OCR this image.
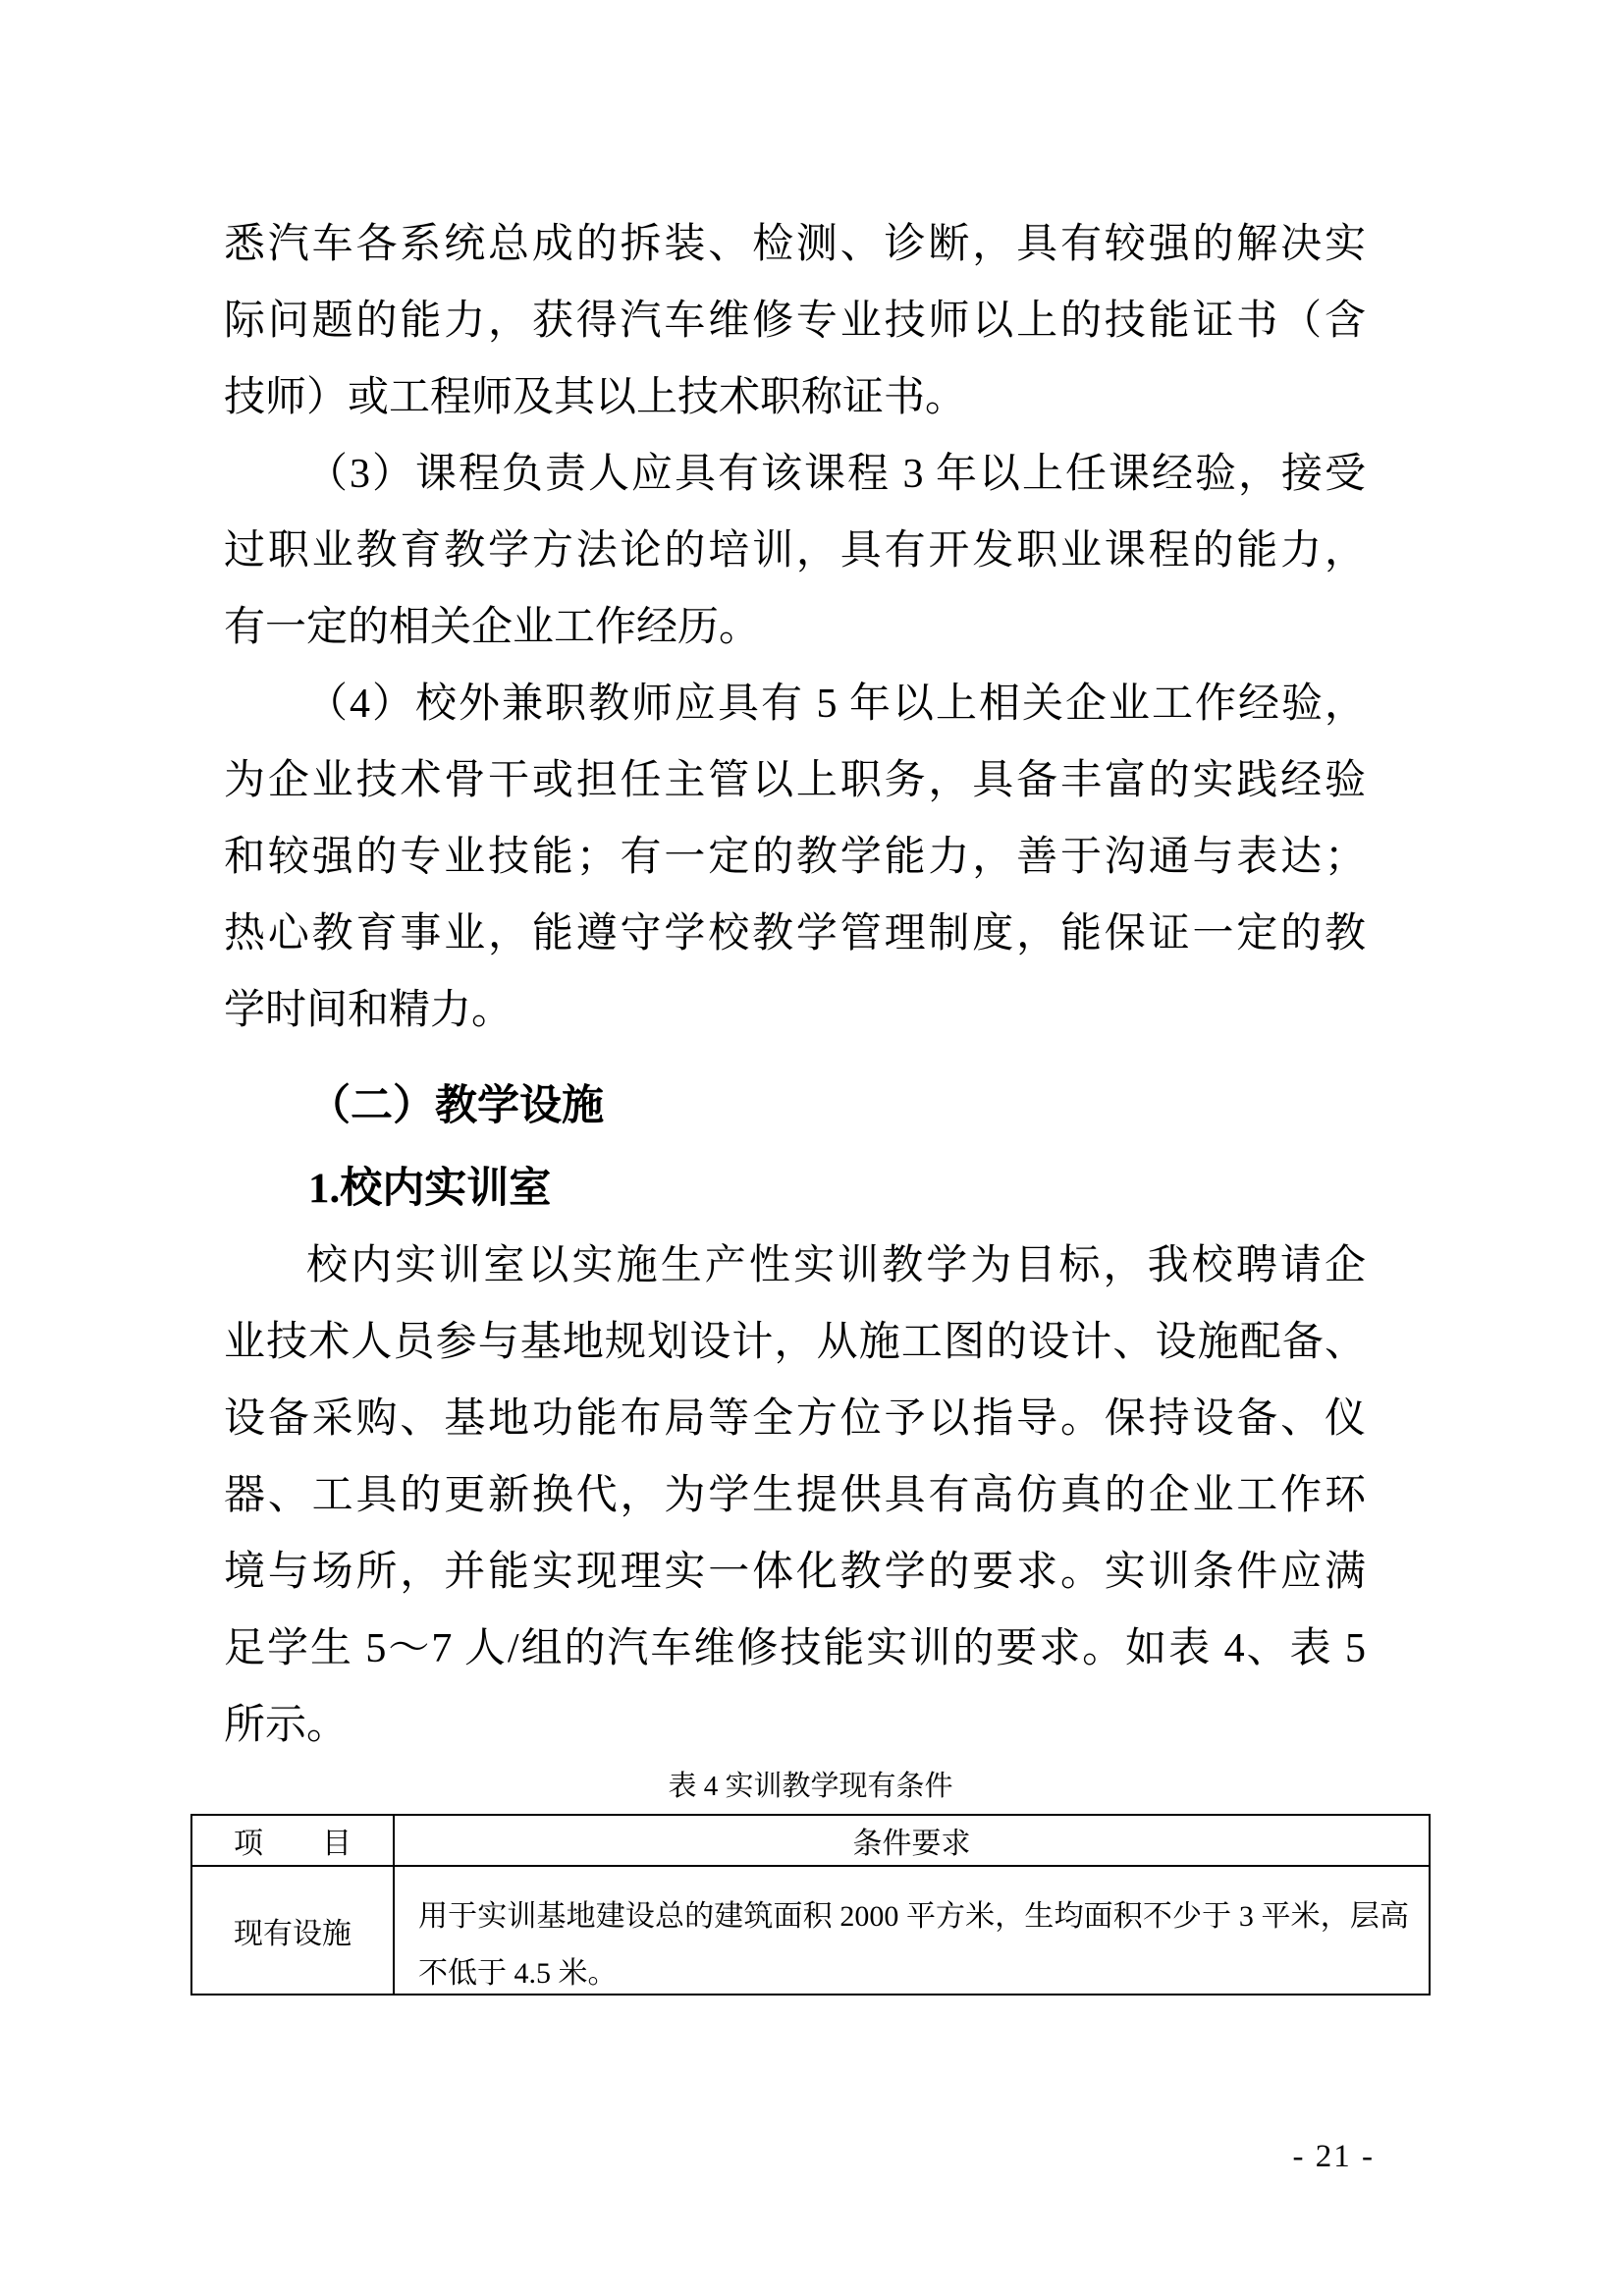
悉汽车各系统总成的拆装、检测、诊断，具有较强的解决实
际问题的能力，获得汽车维修专业技师以上的技能证书（含
技师）或工程师及其以上技术职称证书。
（3）课程负责人应具有该课程 3 年以上任课经验，接受
过职业教育教学方法论的培训，具有开发职业课程的能力，
有一定的相关企业工作经历。
（4）校外兼职教师应具有 5 年以上相关企业工作经验，
为企业技术骨干或担任主管以上职务，具备丰富的实践经验
和较强的专业技能；有一定的教学能力，善于沟通与表达；
热心教育事业，能遵守学校教学管理制度，能保证一定的教
学时间和精力。
（二）教学设施
1.校内实训室
校内实训室以实施生产性实训教学为目标，我校聘请企
业技术人员参与基地规划设计，从施工图的设计、设施配备、
设备采购、基地功能布局等全方位予以指导。保持设备、仪
器、工具的更新换代，为学生提供具有高仿真的企业工作环
境与场所，并能实现理实一体化教学的要求。实训条件应满
足学生 5～7 人/组的汽车维修技能实训的要求。如表 4、表 5
所示。
表 4 实训教学现有条件
项　　目	条件要求
现有设施
用于实训基地建设总的建筑面积 2000 平方米，生均面积不少于 3 平米，层高不低于 4.5 米。
- 21 -
